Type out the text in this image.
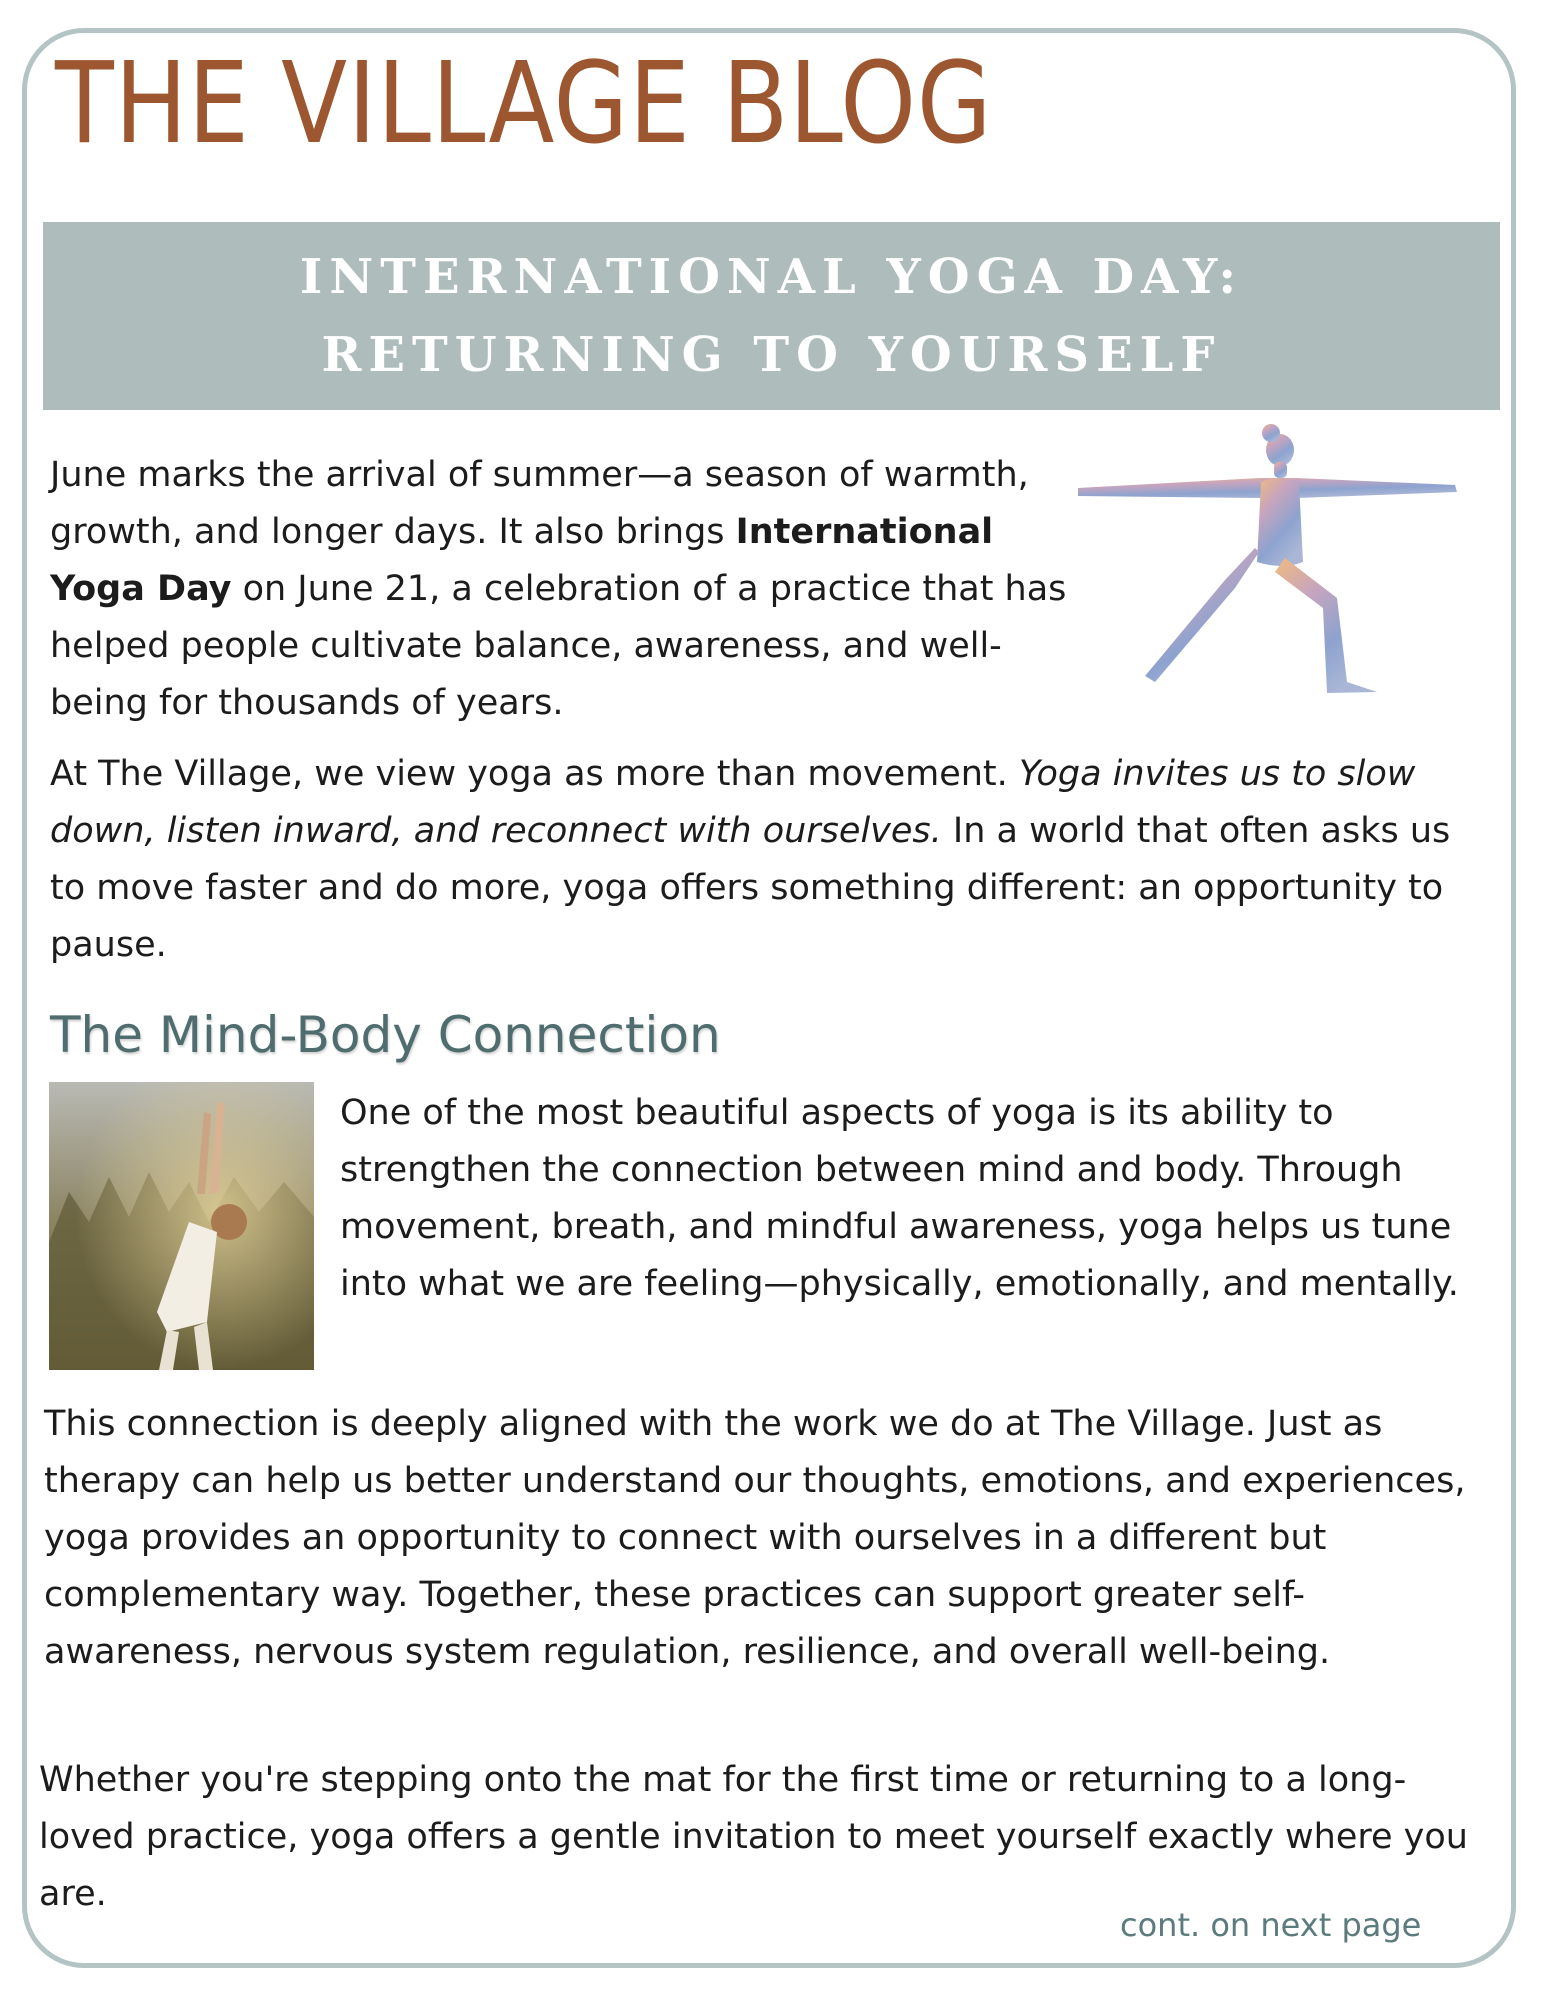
THE VILLAGE BLOG
INTERNATIONAL YOGA DAY:
RETURNING TO YOURSELF

June marks the arrival of summer—a season of warmth, growth, and longer days. It also brings International Yoga Day on June 21, a celebration of a practice that has helped people cultivate balance, awareness, and well-being for thousands of years.

At The Village, we view yoga as more than movement. Yoga invites us to slow down, listen inward, and reconnect with ourselves. In a world that often asks us to move faster and do more, yoga offers something different: an opportunity to pause.

The Mind-Body Connection

One of the most beautiful aspects of yoga is its ability to strengthen the connection between mind and body. Through movement, breath, and mindful awareness, yoga helps us tune into what we are feeling—physically, emotionally, and mentally.

This connection is deeply aligned with the work we do at The Village. Just as therapy can help us better understand our thoughts, emotions, and experiences, yoga provides an opportunity to connect with ourselves in a different but complementary way. Together, these practices can support greater self-awareness, nervous system regulation, resilience, and overall well-being.

Whether you're stepping onto the mat for the first time or returning to a long-loved practice, yoga offers a gentle invitation to meet yourself exactly where you are.

cont. on next page
